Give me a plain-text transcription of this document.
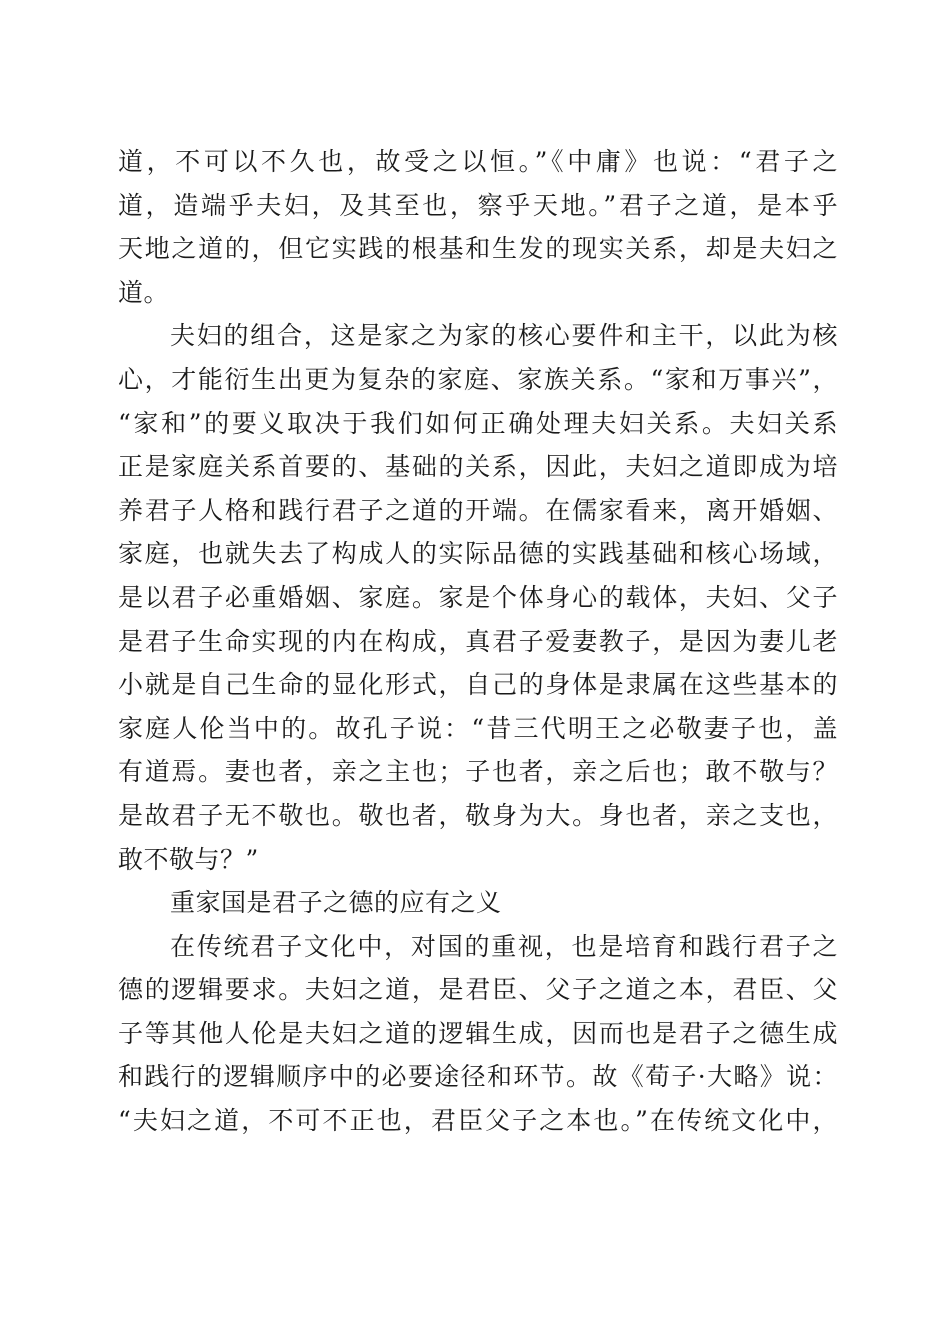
道，不可以不久也，故受之以恒。”《中庸》也说：“君子之
道，造端乎夫妇，及其至也，察乎天地。”君子之道，是本乎
天地之道的，但它实践的根基和生发的现实关系，却是夫妇之
道。
夫妇的组合，这是家之为家的核心要件和主干，以此为核
心，才能衍生出更为复杂的家庭、家族关系。“家和万事兴”，
“家和”的要义取决于我们如何正确处理夫妇关系。夫妇关系
正是家庭关系首要的、基础的关系，因此，夫妇之道即成为培
养君子人格和践行君子之道的开端。在儒家看来，离开婚姻、
家庭，也就失去了构成人的实际品德的实践基础和核心场域，
是以君子必重婚姻、家庭。家是个体身心的载体，夫妇、父子
是君子生命实现的内在构成，真君子爱妻教子，是因为妻儿老
小就是自己生命的显化形式，自己的身体是隶属在这些基本的
家庭人伦当中的。故孔子说：“昔三代明王之必敬妻子也，盖
有道焉。妻也者，亲之主也；子也者，亲之后也；敢不敬与？
是故君子无不敬也。敬也者，敬身为大。身也者，亲之支也，
敢不敬与？”
重家国是君子之德的应有之义
在传统君子文化中，对国的重视，也是培育和践行君子之
德的逻辑要求。夫妇之道，是君臣、父子之道之本，君臣、父
子等其他人伦是夫妇之道的逻辑生成，因而也是君子之德生成
和践行的逻辑顺序中的必要途径和环节。故《荀子·大略》说：
“夫妇之道，不可不正也，君臣父子之本也。”在传统文化中，
